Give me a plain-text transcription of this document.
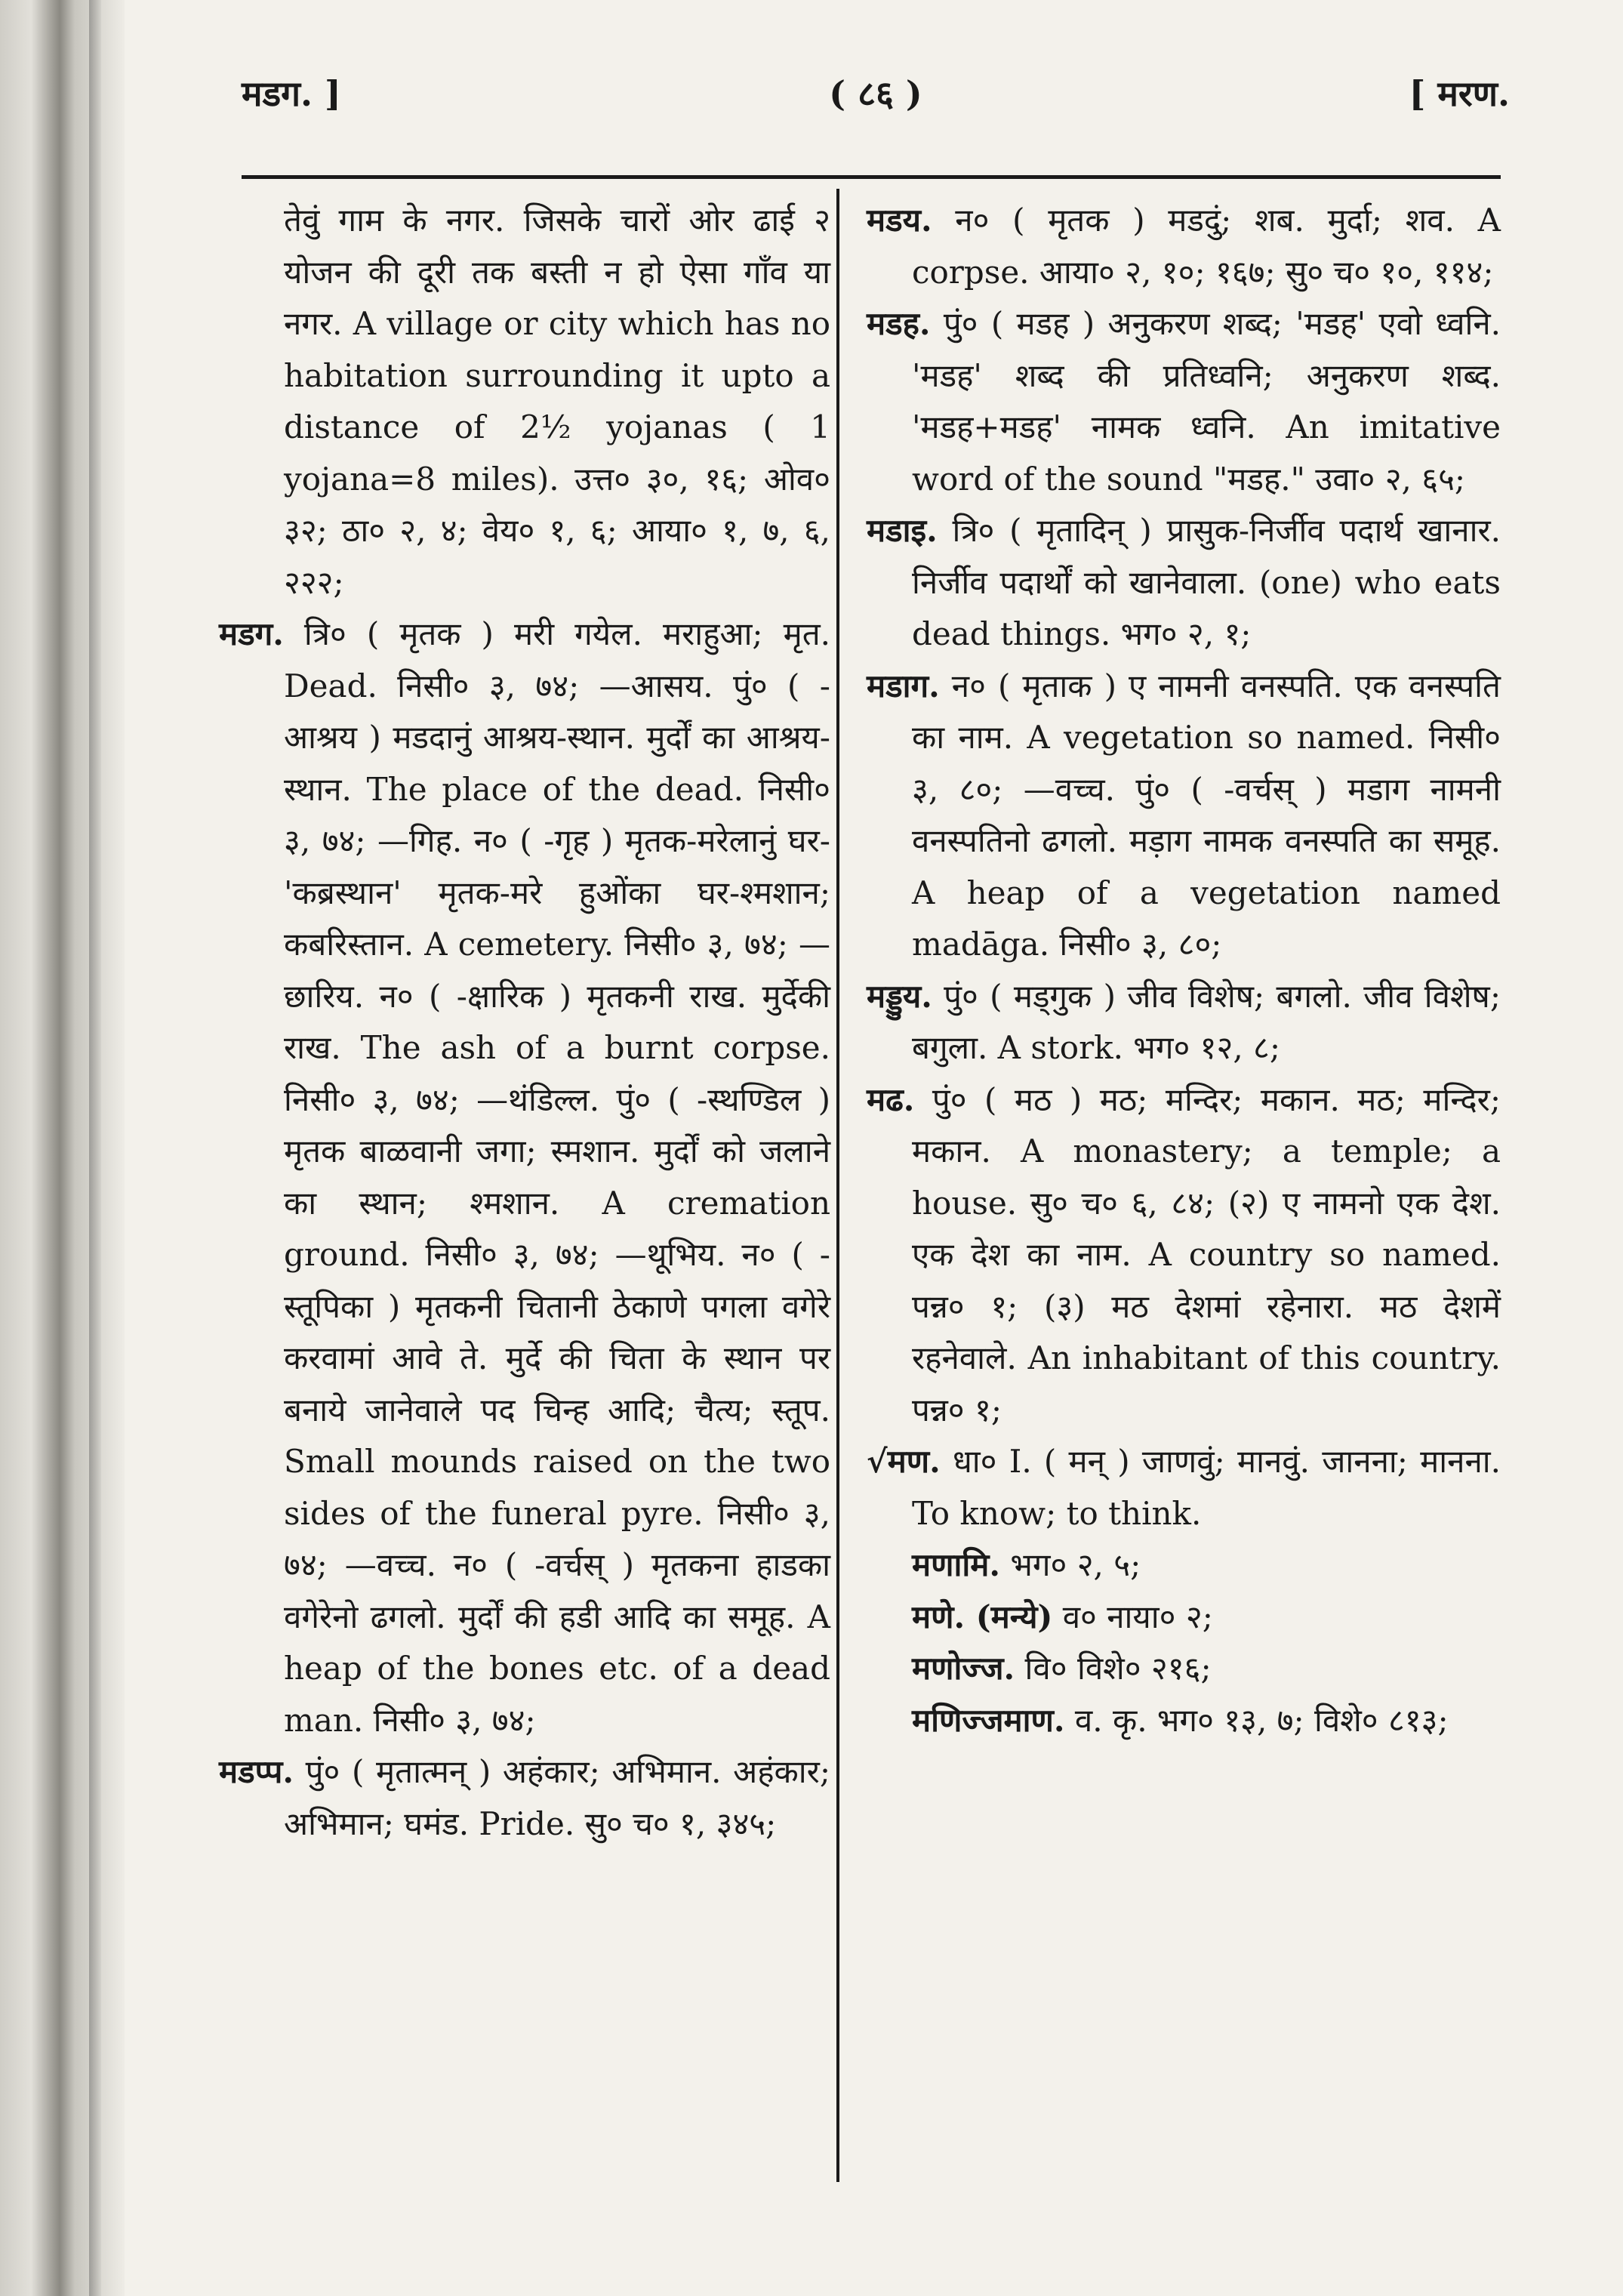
मडग. ]	( ८६ )	[ मरण.

तेवुं गाम के नगर. जिसके चारों ओर ढाई २ योजन की दूरी तक बस्ती न हो ऐसा गाँव या नगर. A village or city which has no habitation surrounding it upto a distance of 2½ yojanas ( 1 yojana=8 miles). उत्त० ३०, १६; ओव० ३२; ठा० २, ४; वेय० १, ६; आया० १, ७, ६, २२२;

मडग. त्रि० ( मृतक ) मरी गयेल. मराहुआ; मृत. Dead. निसी० ३, ७४; —आसय. पुं० ( -आश्रय ) मडदानुं आश्रय-स्थान. मुर्दों का आश्रय-स्थान. The place of the dead. निसी० ३, ७४; —गिह. न० ( -गृह ) मृतक-मरेलानुं घर-'कब्रस्थान' मृतक-मरे हुओंका घर-श्मशान; कबरिस्तान. A cemetery. निसी० ३, ७४; —छारिय. न० ( -क्षारिक ) मृतकनी राख. मुर्देकी राख. The ash of a burnt corpse. निसी० ३, ७४; —थंडिल्ल. पुं० ( -स्थण्डिल ) मृतक बाळवानी जगा; स्मशान. मुर्दों को जलाने का स्थान; श्मशान. A cremation ground. निसी० ३, ७४; —थूभिय. न० ( -स्तूपिका ) मृतकनी चितानी ठेकाणे पगला वगेरे करवामां आवे ते. मुर्दे की चिता के स्थान पर बनाये जानेवाले पद चिन्ह आदि; चैत्य; स्तूप. Small mounds raised on the two sides of the funeral pyre. निसी० ३, ७४; —वच्च. न० ( -वर्चस् ) मृतकना हाडका वगेरेनो ढगलो. मुर्दों की हडी आदि का समूह. A heap of the bones etc. of a dead man. निसी० ३, ७४;

मडप्प. पुं० ( मृतात्मन् ) अहंकार; अभिमान. अहंकार; अभिमान; घमंड. Pride. सु० च० १, ३४५;

मडय. न० ( मृतक ) मडदुं; शब. मुर्दा; शव. A corpse. आया० २, १०; १६७; सु० च० १०, ११४;

मडह. पुं० ( मडह ) अनुकरण शब्द; 'मडह' एवो ध्वनि. 'मडह' शब्द की प्रतिध्वनि; अनुकरण शब्द. 'मडह+मडह' नामक ध्वनि. An imitative word of the sound "मडह." उवा० २, ६५;

मडाइ. त्रि० ( मृतादिन् ) प्रासुक-निर्जीव पदार्थ खानार. निर्जीव पदार्थों को खानेवाला. (one) who eats dead things. भग० २, १;

मडाग. न० ( मृताक ) ए नामनी वनस्पति. एक वनस्पति का नाम. A vegetation so named. निसी० ३, ८०; —वच्च. पुं० ( -वर्चस् ) मडाग नामनी वनस्पतिनो ढगलो. मड़ाग नामक वनस्पति का समूह. A heap of a vegetation named madāga. निसी० ३, ८०;

मड्डुय. पुं० ( मड्गुक ) जीव विशेष; बगलो. जीव विशेष; बगुला. A stork. भग० १२, ८;

मढ. पुं० ( मठ ) मठ; मन्दिर; मकान. मठ; मन्दिर; मकान. A monastery; a temple; a house. सु० च० ६, ८४; (२) ए नामनो एक देश. एक देश का नाम. A country so named. पन्न० १; (३) मठ देशमां रहेनारा. मठ देशमें रहनेवाले. An inhabitant of this country. पन्न० १;

√मण. धा० I. ( मन् ) जाणवुं; मानवुं. जानना; मानना. To know; to think.

मणामि. भग० २, ५;

मणे. (मन्ये) व० नाया० २;

मणोज्ज. वि० विशे० २१६;

मणिज्जमाण. व. कृ. भग० १३, ७; विशे० ८१३;
